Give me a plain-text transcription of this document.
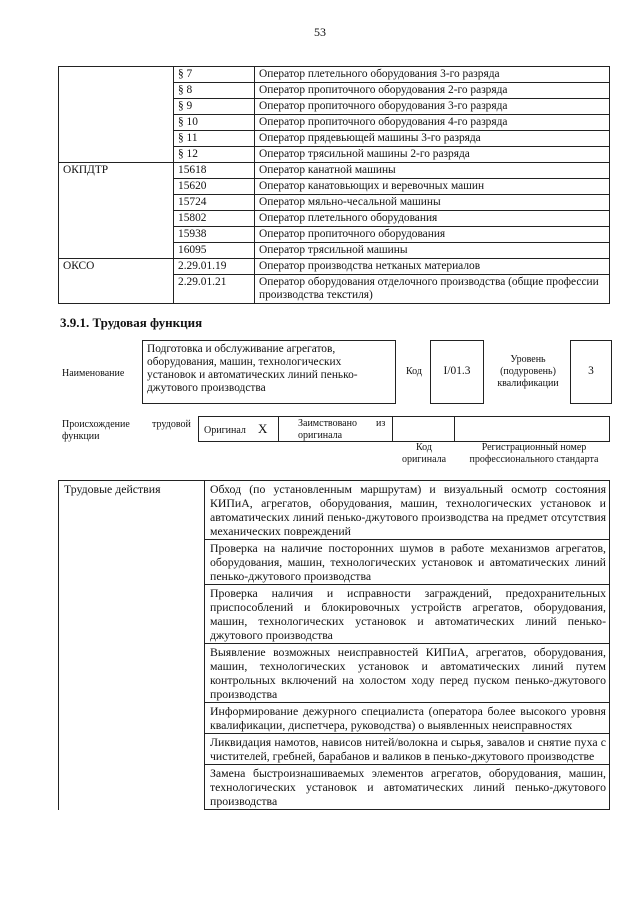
53
	§ 7	Оператор плетельного оборудования 3-го разряда
	§ 8	Оператор пропиточного оборудования 2-го разряда
	§ 9	Оператор пропиточного оборудования 3-го разряда
	§ 10	Оператор пропиточного оборудования 4-го разряда
	§ 11	Оператор прядевьющей машины 3-го разряда
	§ 12	Оператор трясильной машины 2-го разряда
ОКПДТР	15618	Оператор канатной машины
	15620	Оператор канатовьющих и веревочных машин
	15724	Оператор мяльно-чесальной машины
	15802	Оператор плетельного оборудования
	15938	Оператор пропиточного оборудования
	16095	Оператор трясильной машины
ОКСО	2.29.01.19	Оператор производства нетканых материалов
	2.29.01.21	Оператор оборудования отделочного производства (общие профессии производства текстиля)
3.9.1. Трудовая функция
Наименование
Подготовка и обслуживание агрегатов, оборудования, машин, технологических установок и автоматических линий пенько-джутового производства
Код I/01.3
Уровень (подуровень) квалификации
3
Происхождение трудовой
функции
Оригинал X	Заимствовано из
оригинала
Код
оригинала
Регистрационный номер
профессионального стандарта
Трудовые действия	Обход (по установленным маршрутам) и визуальный осмотр состояния КИПиА, агрегатов, оборудования, машин, технологических установок и автоматических линий пенько-джутового производства на предмет отсутствия механических повреждений
Проверка на наличие посторонних шумов в работе механизмов агрегатов, оборудования, машин, технологических установок и автоматических линий пенько-джутового производства
Проверка наличия и исправности заграждений, предохранительных приспособлений и блокировочных устройств агрегатов, оборудования, машин, технологических установок и автоматических линий пенько-джутового производства
Выявление возможных неисправностей КИПиА, агрегатов, оборудования, машин, технологических установок и автоматических линий путем контрольных включений на холостом ходу перед пуском пенько-джутового производства
Информирование дежурного специалиста (оператора более высокого уровня квалификации, диспетчера, руководства) о выявленных неисправностях
Ликвидация намотов, нависов нитей/волокна и сырья, завалов и снятие пуха с чистителей, гребней, барабанов и валиков в пенько-джутового производстве
Замена быстроизнашиваемых элементов агрегатов, оборудования, машин, технологических установок и автоматических линий пенько-джутового производства
